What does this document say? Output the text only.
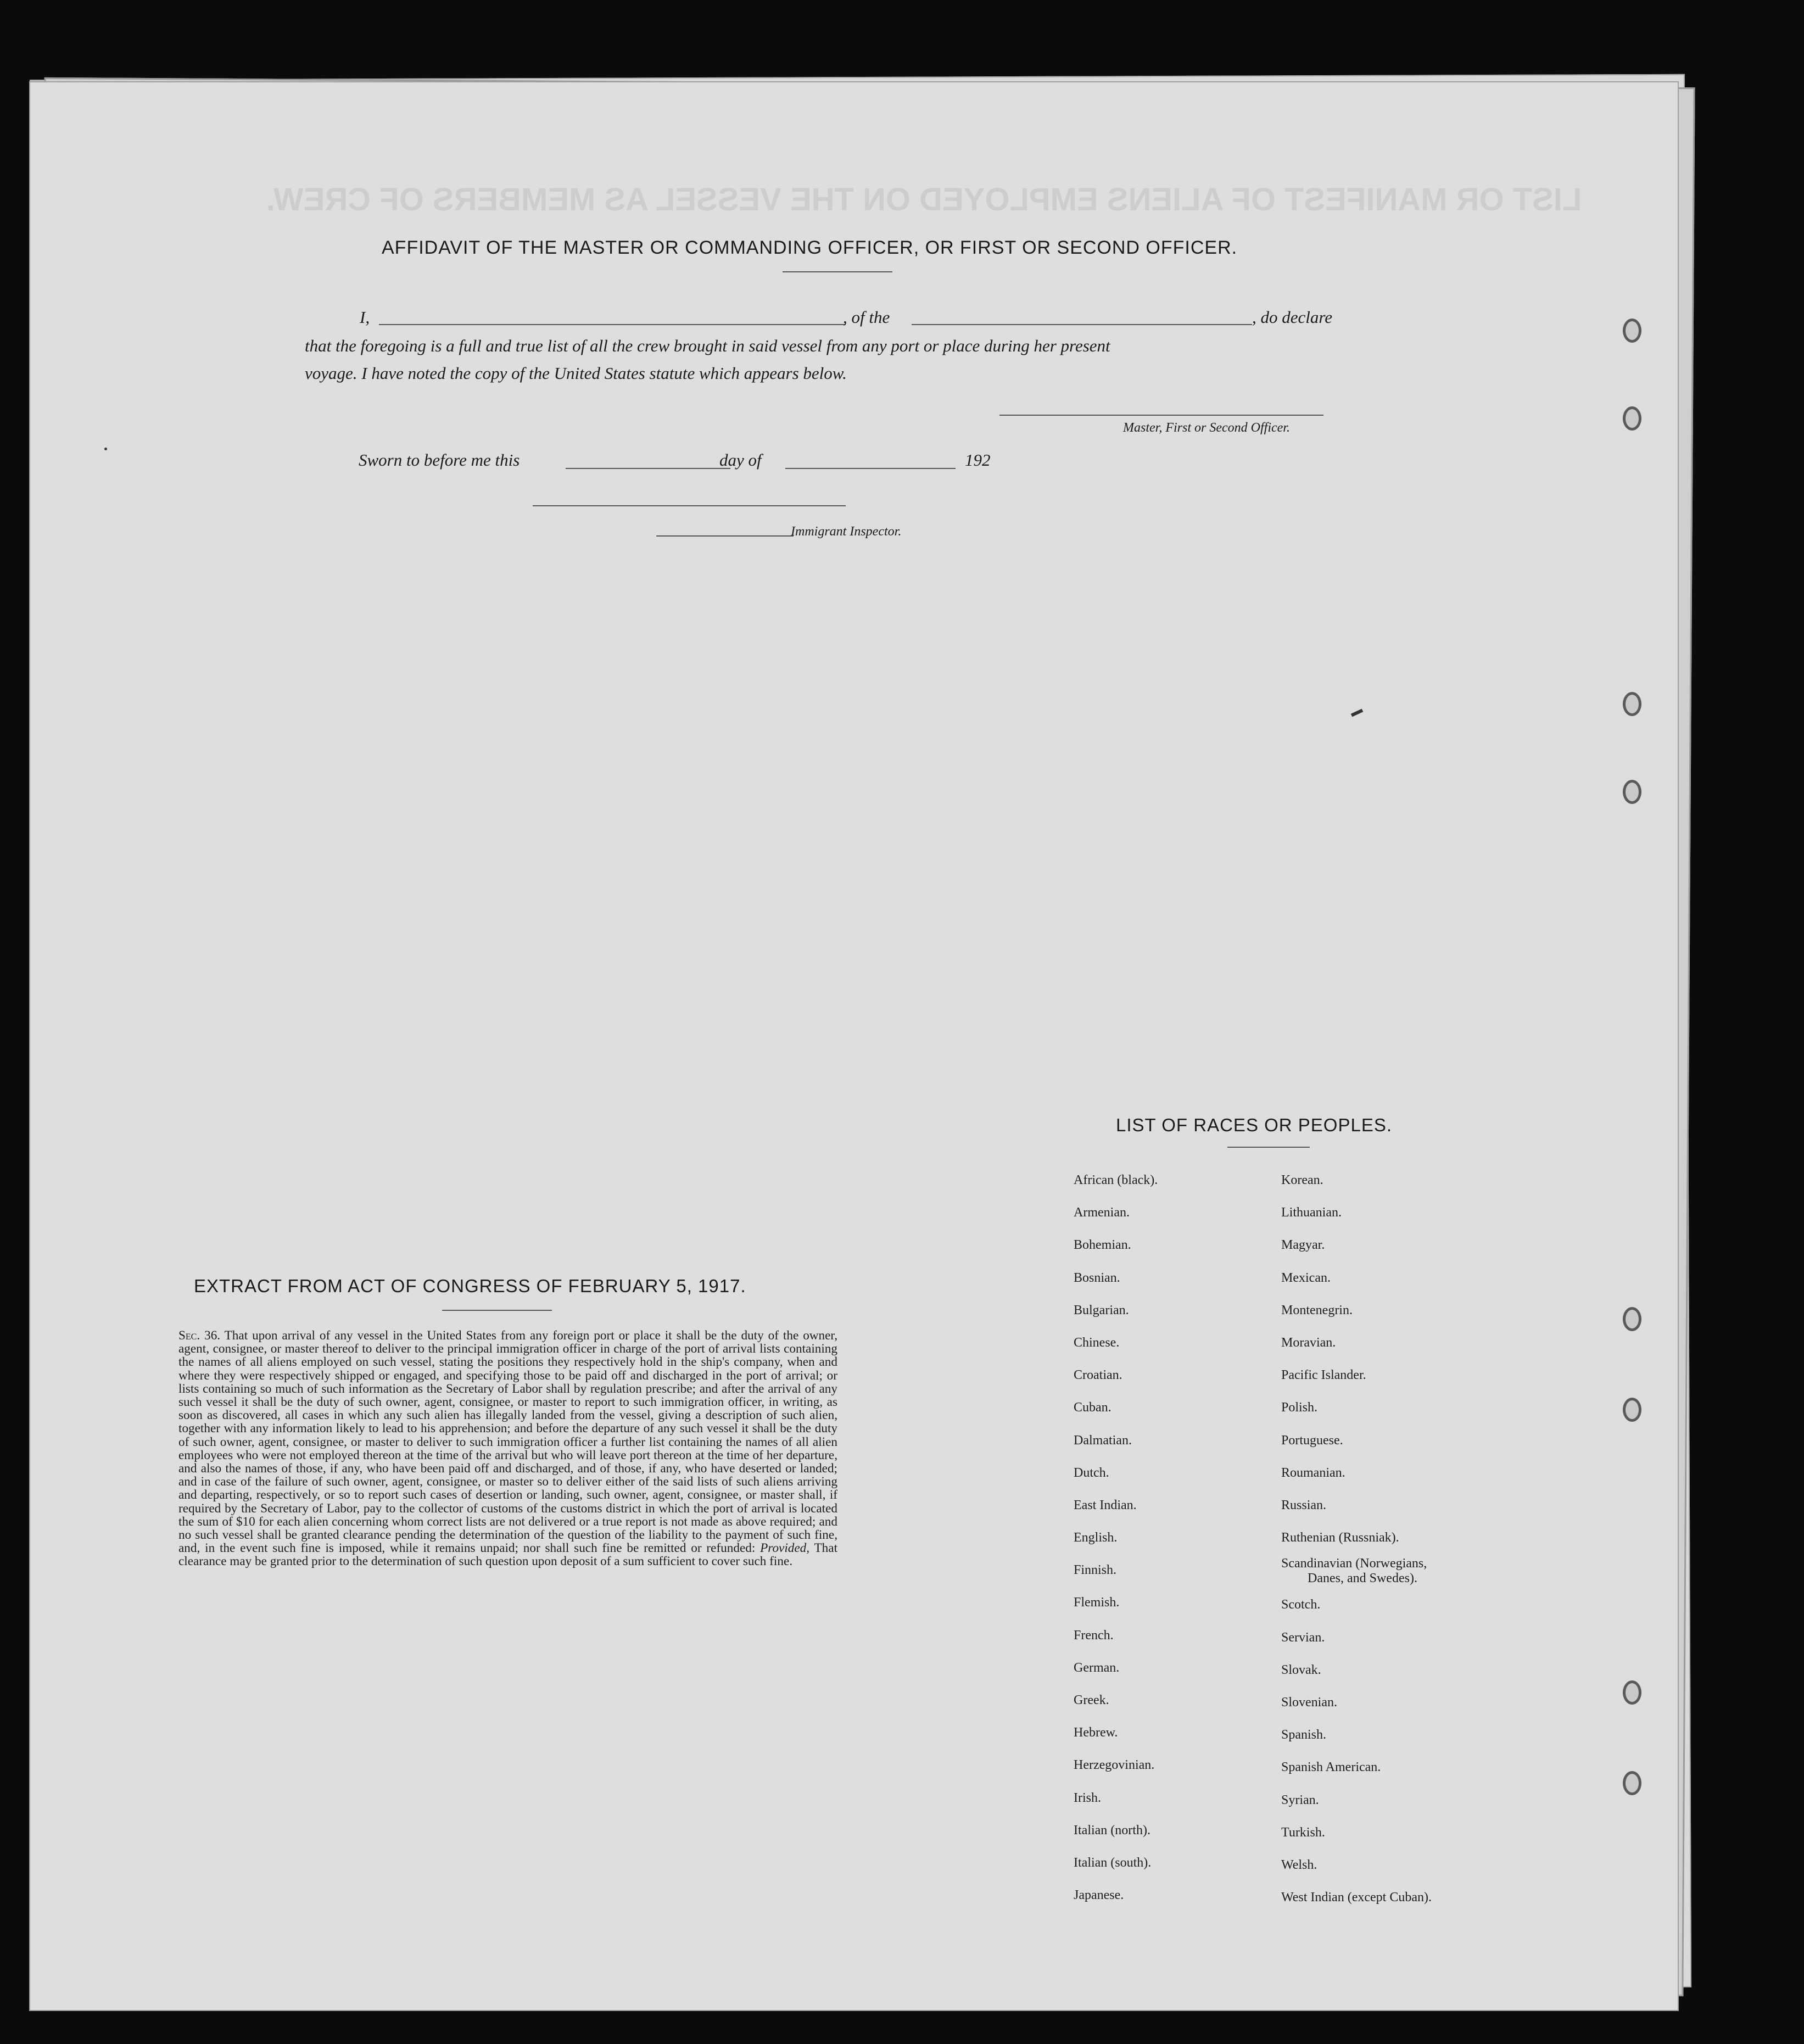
LIST OR MANIFEST OF ALIENS EMPLOYED ON THE VESSEL AS MEMBERS OF CREW.
AFFIDAVIT OF THE MASTER OR COMMANDING OFFICER, OR FIRST OR SECOND OFFICER.
I,	, of the	, do declare
that the foregoing is a full and true list of all the crew brought in said vessel from any port or place during her present
voyage. I have noted the copy of the United States statute which appears below.
Master, First or Second Officer.
Sworn to before me this	day of	192
Immigrant Inspector.
EXTRACT FROM ACT OF CONGRESS OF FEBRUARY 5, 1917.
Sec. 36. That upon arrival of any vessel in the United States from any foreign port or place it shall be the duty of the owner, agent, consignee, or master thereof to deliver to the principal immigration officer in charge of the port of arrival lists containing the names of all aliens employed on such vessel, stating the positions they respectively hold in the ship's company, when and where they were respectively shipped or engaged, and specifying those to be paid off and discharged in the port of arrival; or lists containing so much of such information as the Secretary of Labor shall by regulation prescribe; and after the arrival of any such vessel it shall be the duty of such owner, agent, consignee, or master to report to such immigration officer, in writing, as soon as discovered, all cases in which any such alien has illegally landed from the vessel, giving a description of such alien, together with any information likely to lead to his apprehension; and before the departure of any such vessel it shall be the duty of such owner, agent, consignee, or master to deliver to such immigration officer a further list containing the names of all alien employees who were not employed thereon at the time of the arrival but who will leave port thereon at the time of her departure, and also the names of those, if any, who have been paid off and discharged, and of those, if any, who have deserted or landed; and in case of the failure of such owner, agent, consignee, or master so to deliver either of the said lists of such aliens arriving and departing, respectively, or so to report such cases of desertion or landing, such owner, agent, consignee, or master shall, if required by the Secretary of Labor, pay to the collector of customs of the customs district in which the port of arrival is located the sum of $10 for each alien concerning whom correct lists are not delivered or a true report is not made as above required; and no such vessel shall be granted clearance pending the determination of the question of the liability to the payment of such fine, and, in the event such fine is imposed, while it remains unpaid; nor shall such fine be remitted or refunded: Provided, That clearance may be granted prior to the determination of such question upon deposit of a sum sufficient to cover such fine.
LIST OF RACES OR PEOPLES.
African (black).
Armenian.
Bohemian.
Bosnian.
Bulgarian.
Chinese.
Croatian.
Cuban.
Dalmatian.
Dutch.
East Indian.
English.
Finnish.
Flemish.
French.
German.
Greek.
Hebrew.
Herzegovinian.
Irish.
Italian (north).
Italian (south).
Japanese.
Korean.
Lithuanian.
Magyar.
Mexican.
Montenegrin.
Moravian.
Pacific Islander.
Polish.
Portuguese.
Roumanian.
Russian.
Ruthenian (Russniak).
Scandinavian (Norwegians,
Danes, and Swedes).
Scotch.
Servian.
Slovak.
Slovenian.
Spanish.
Spanish American.
Syrian.
Turkish.
Welsh.
West Indian (except Cuban).
